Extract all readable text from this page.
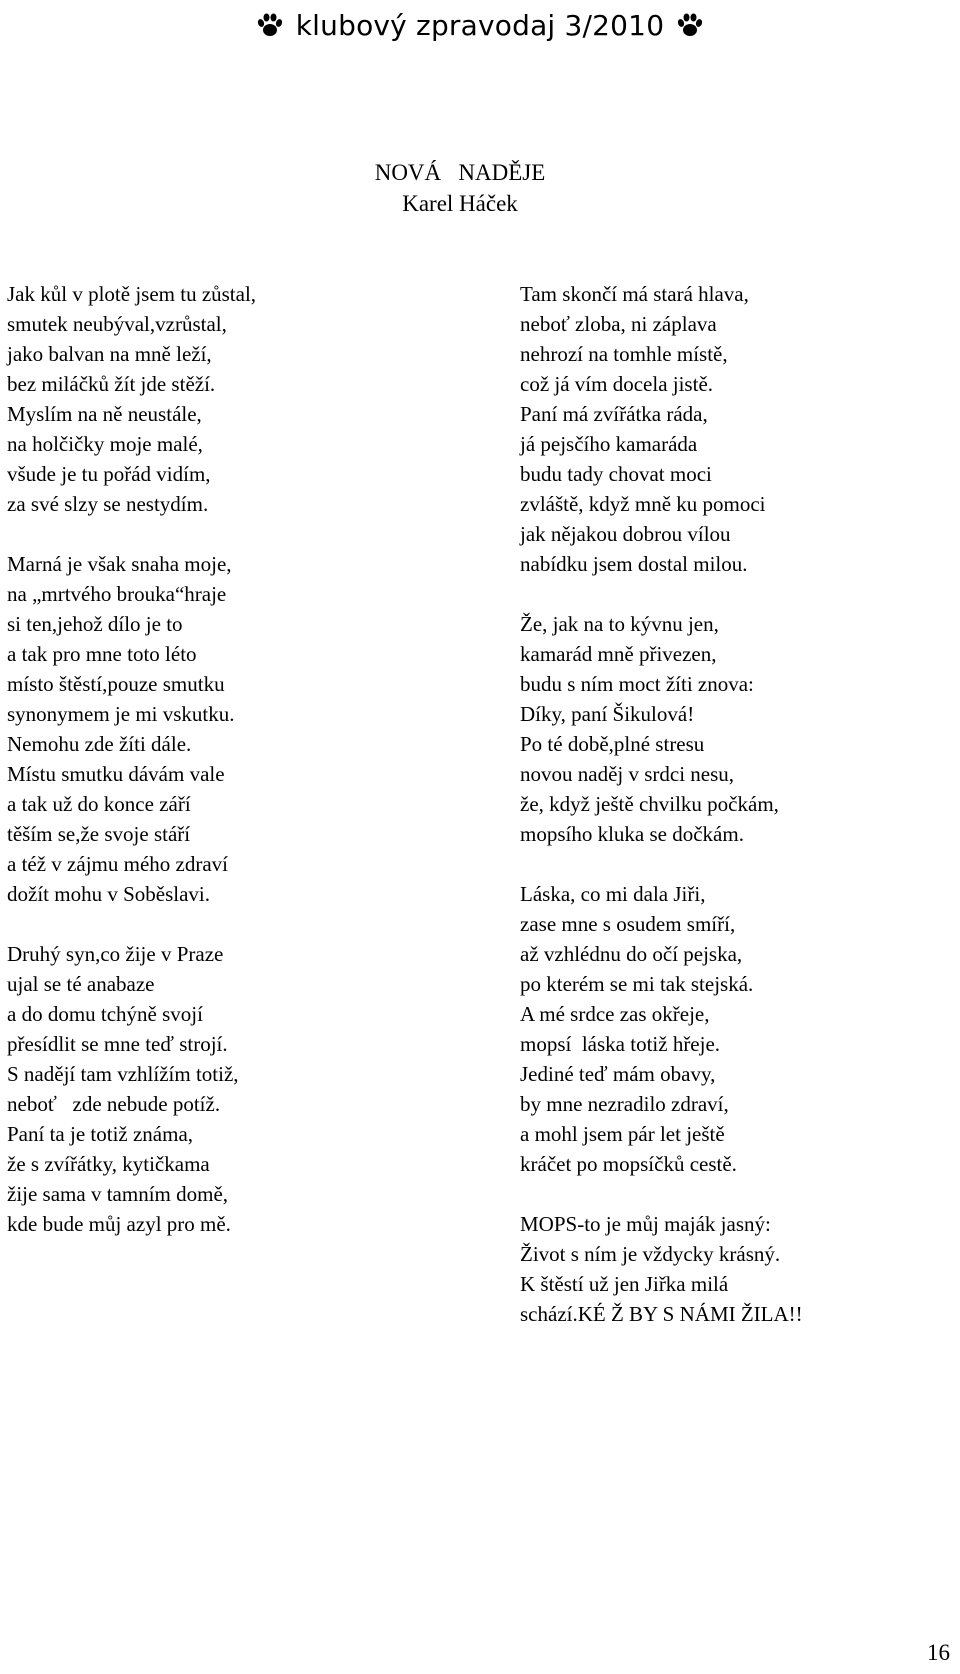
klubový zpravodaj 3/2010
NOVÁ   NADĚJE
Karel Háček

Jak kůl v plotě jsem tu zůstal,
smutek neubýval,vzrůstal,
jako balvan na mně leží,
bez miláčků žít jde stěží.
Myslím na ně neustále,
na holčičky moje malé,
všude je tu pořád vidím,
za své slzy se nestydím.

Marná je však snaha moje,
na „mrtvého brouka“hraje
si ten,jehož dílo je to
a tak pro mne toto léto
místo štěstí,pouze smutku
synonymem je mi vskutku.
Nemohu zde žíti dále.
Místu smutku dávám vale
a tak už do konce září
těším se,že svoje stáří
a též v zájmu mého zdraví
dožít mohu v Soběslavi.

Druhý syn,co žije v Praze
ujal se té anabaze
a do domu tchýně svojí
přesídlit se mne teď strojí.
S nadějí tam vzhlížím totiž,
neboť   zde nebude potíž.
Paní ta je totiž známa,
že s zvířátky, kytičkama
žije sama v tamním domě,
kde bude můj azyl pro mě.

Tam skončí má stará hlava,
neboť zloba, ni záplava
nehrozí na tomhle místě,
což já vím docela jistě.
Paní má zvířátka ráda,
já pejsčího kamaráda
budu tady chovat moci
zvláště, když mně ku pomoci
jak nějakou dobrou vílou
nabídku jsem dostal milou.

Že, jak na to kývnu jen,
kamarád mně přivezen,
budu s ním moct žíti znova:
Díky, paní Šikulová!
Po té době,plné stresu
novou naděj v srdci nesu,
že, když ještě chvilku počkám,
mopsího kluka se dočkám.

Láska, co mi dala Jiři,
zase mne s osudem smíří,
až vzhlédnu do očí pejska,
po kterém se mi tak stejská.
A mé srdce zas okřeje,
mopsí  láska totiž hřeje.
Jediné teď mám obavy,
by mne nezradilo zdraví,
a mohl jsem pár let ještě
kráčet po mopsíčků cestě.

MOPS-to je můj maják jasný:
Život s ním je vždycky krásný.
K štěstí už jen Jiřka milá
schází.KÉ Ž BY S NÁMI ŽILA!!

16
